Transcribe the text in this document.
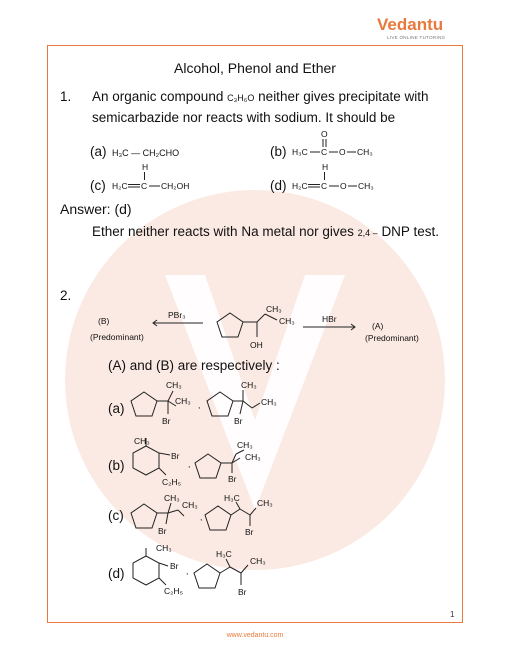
Vedantu
LIVE ONLINE TUTORING
Alcohol, Phenol and Ether
1. An organic compound C₃H₆O neither gives precipitate with
semicarbazide nor reacts with sodium. It should be
(a) H₃C — CH₂CHO	(b) H₃C C
O
O CH₃
(c)
H
H₂C C CH₂OH	(d)
H
H₂C C O CH₃
Answer: (d)
Ether neither reacts with Na metal nor gives 2,4 – DNP test.
2.
(B)
(Predominant)
PBr₃
CH₃
CH₃
OH
HBr
(A)
(Predominant)
(A) and (B) are respectively :
(a)
CH₃
CH₃
Br
,
CH₃
CH₃
Br
(b)
CH₃
Br
C₂H₅
,
CH₃
CH₃
Br
(c)
CH₃
CH₃
Br
,
H₃C CH₃
Br
(d)
CH₃
Br
C₂H₅
,
H₃C
CH₃
Br
1
www.vedantu.com
